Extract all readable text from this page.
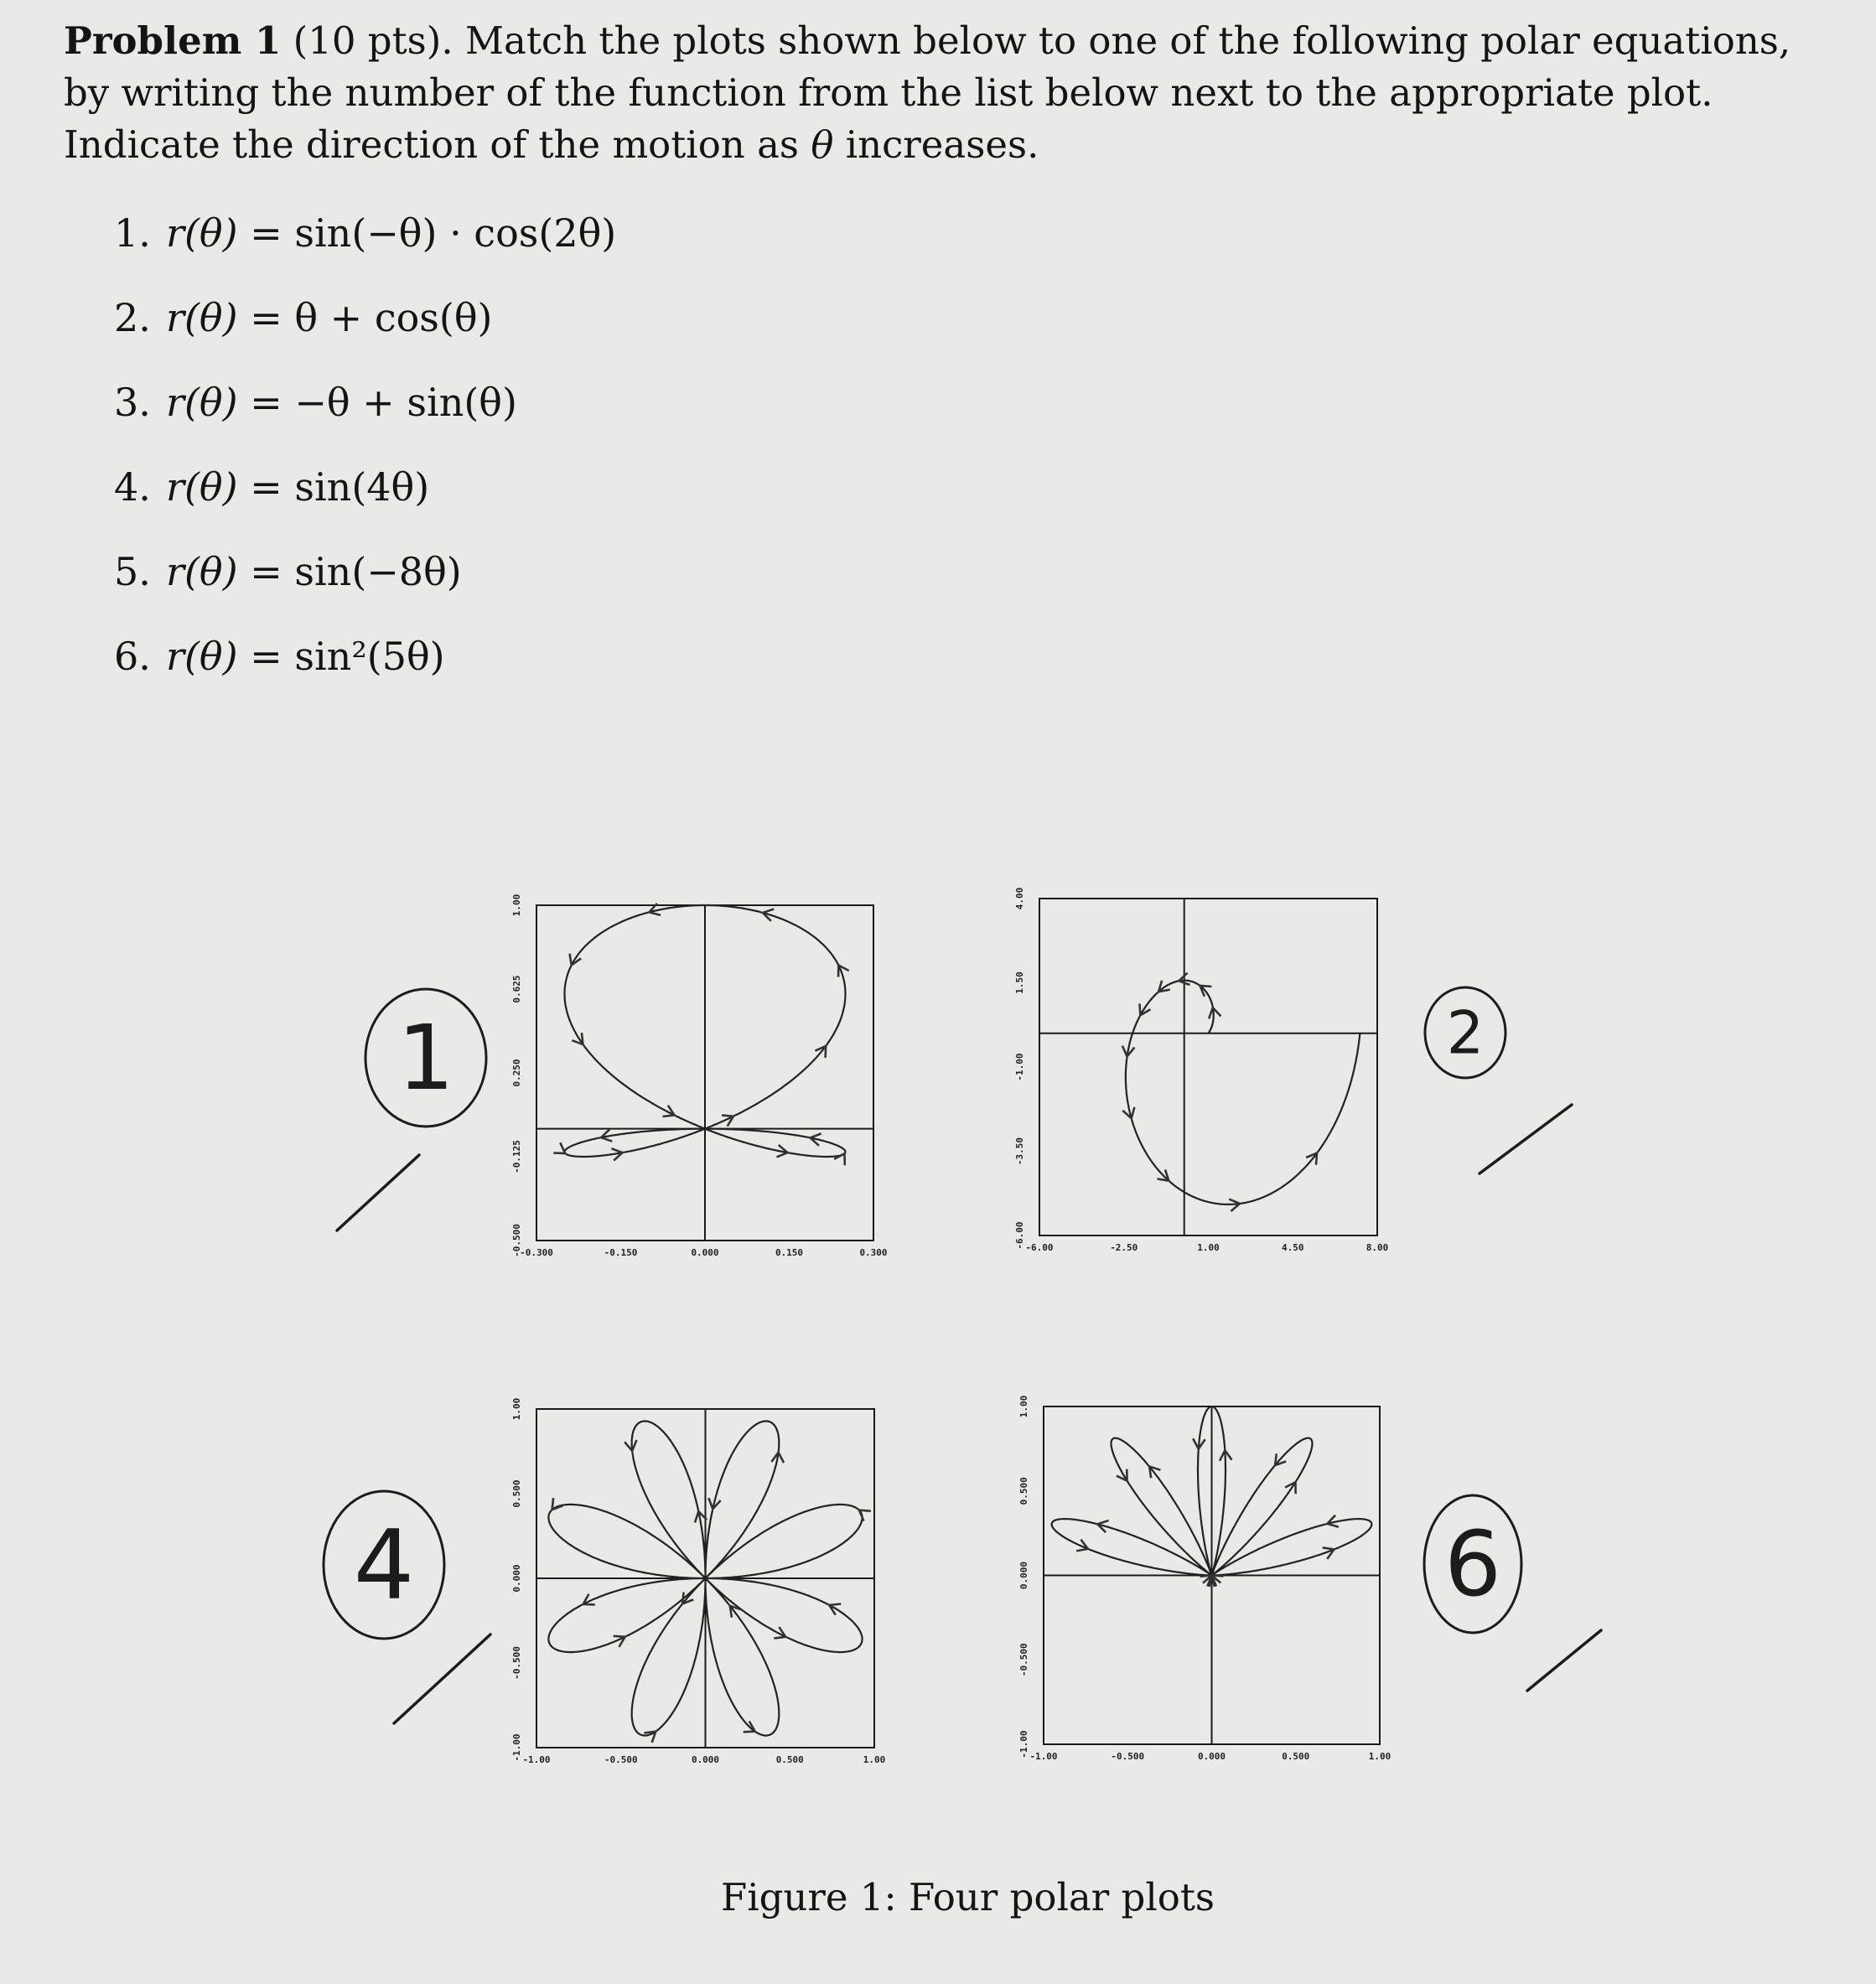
Problem 1 (10 pts). Match the plots shown below to one of the following polar equations, by writing the number of the function from the list below next to the appropriate plot. Indicate the direction of the motion as θ increases.
1. r(θ) = sin(−θ) · cos(2θ)
2. r(θ) = θ + cos(θ)
3. r(θ) = −θ + sin(θ)
4. r(θ) = sin(4θ)
5. r(θ) = sin(−8θ)
6. r(θ) = sin²(5θ)
-0.300	-0.150	0.000	0.150	0.300
-0.500
-0.125
0.250
0.625
1.00
1
-6.00	-2.50	1.00	4.50	8.00
-6.00
-3.50
-1.00
1.50
4.00
2
-1.00	-0.500	0.000	0.500	1.00
-1.00
-0.500
0.000
0.500
1.00
4
-1.00	-0.500	0.000	0.500	1.00
-1.00
-0.500
0.000
0.500
1.00
6
Figure 1: Four polar plots
